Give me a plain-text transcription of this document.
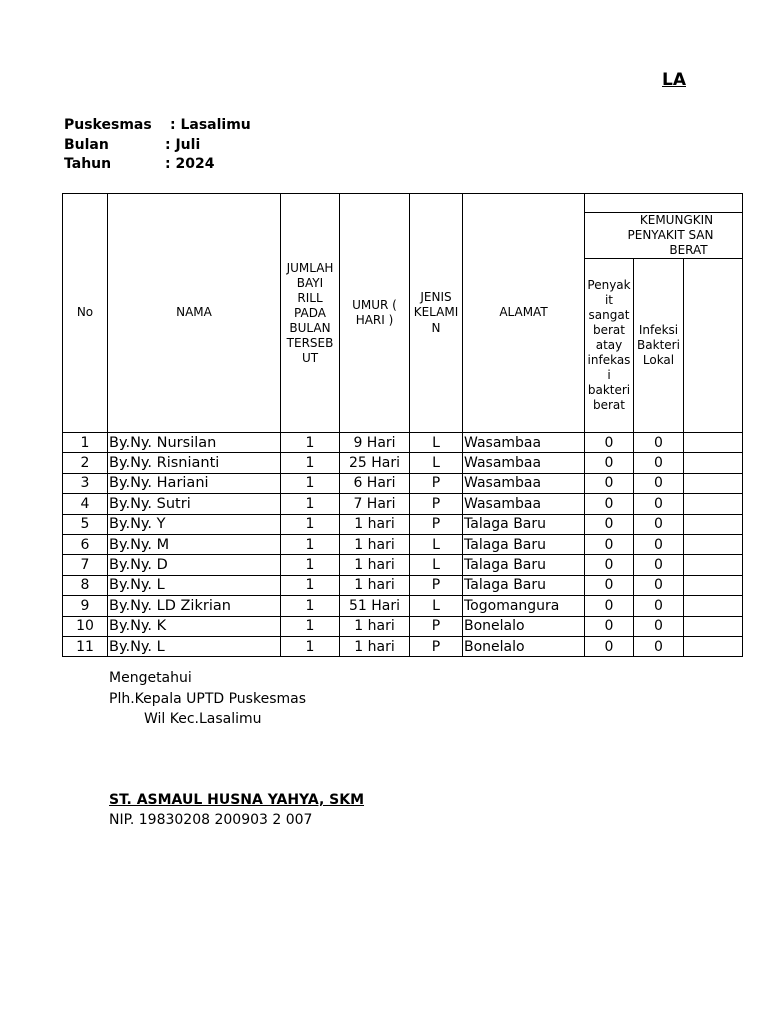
LA
Puskesmas : Lasalimu
Bulan	: Juli
Tahun	: 2024
No	NAMA	JUMLAH BAYI RILL PADA BULAN TERSEB UT	UMUR ( HARI )	JENIS KELAMI N	ALAMAT			

						KEMUNGKIN
PENYAKIT SAN
BERAT		

						Penyak it sangat berat atay infekas i bakteri berat	Infeksi Bakteri Lokal	
1	By.Ny. Nursilan	1	9 Hari	L	Wasambaa	0	0	
2	By.Ny. Risnianti	1	25 Hari	L	Wasambaa	0	0	
3	By.Ny. Hariani	1	6 Hari	P	Wasambaa	0	0	
4	By.Ny. Sutri	1	7 Hari	P	Wasambaa	0	0	
5	By.Ny. Y	1	1 hari	P	Talaga Baru	0	0	
6	By.Ny. M	1	1 hari	L	Talaga Baru	0	0	
7	By.Ny. D	1	1 hari	L	Talaga Baru	0	0	
8	By.Ny. L	1	1 hari	P	Talaga Baru	0	0	
9	By.Ny. LD Zikrian	1	51 Hari	L	Togomangura	0	0	
10	By.Ny. K	1	1 hari	P	Bonelalo	0	0	
11	By.Ny. L	1	1 hari	P	Bonelalo	0	0	
Mengetahui
Plh.Kepala UPTD Puskesmas
Wil Kec.Lasalimu
ST. ASMAUL HUSNA YAHYA, SKM
NIP. 19830208 200903 2 007
